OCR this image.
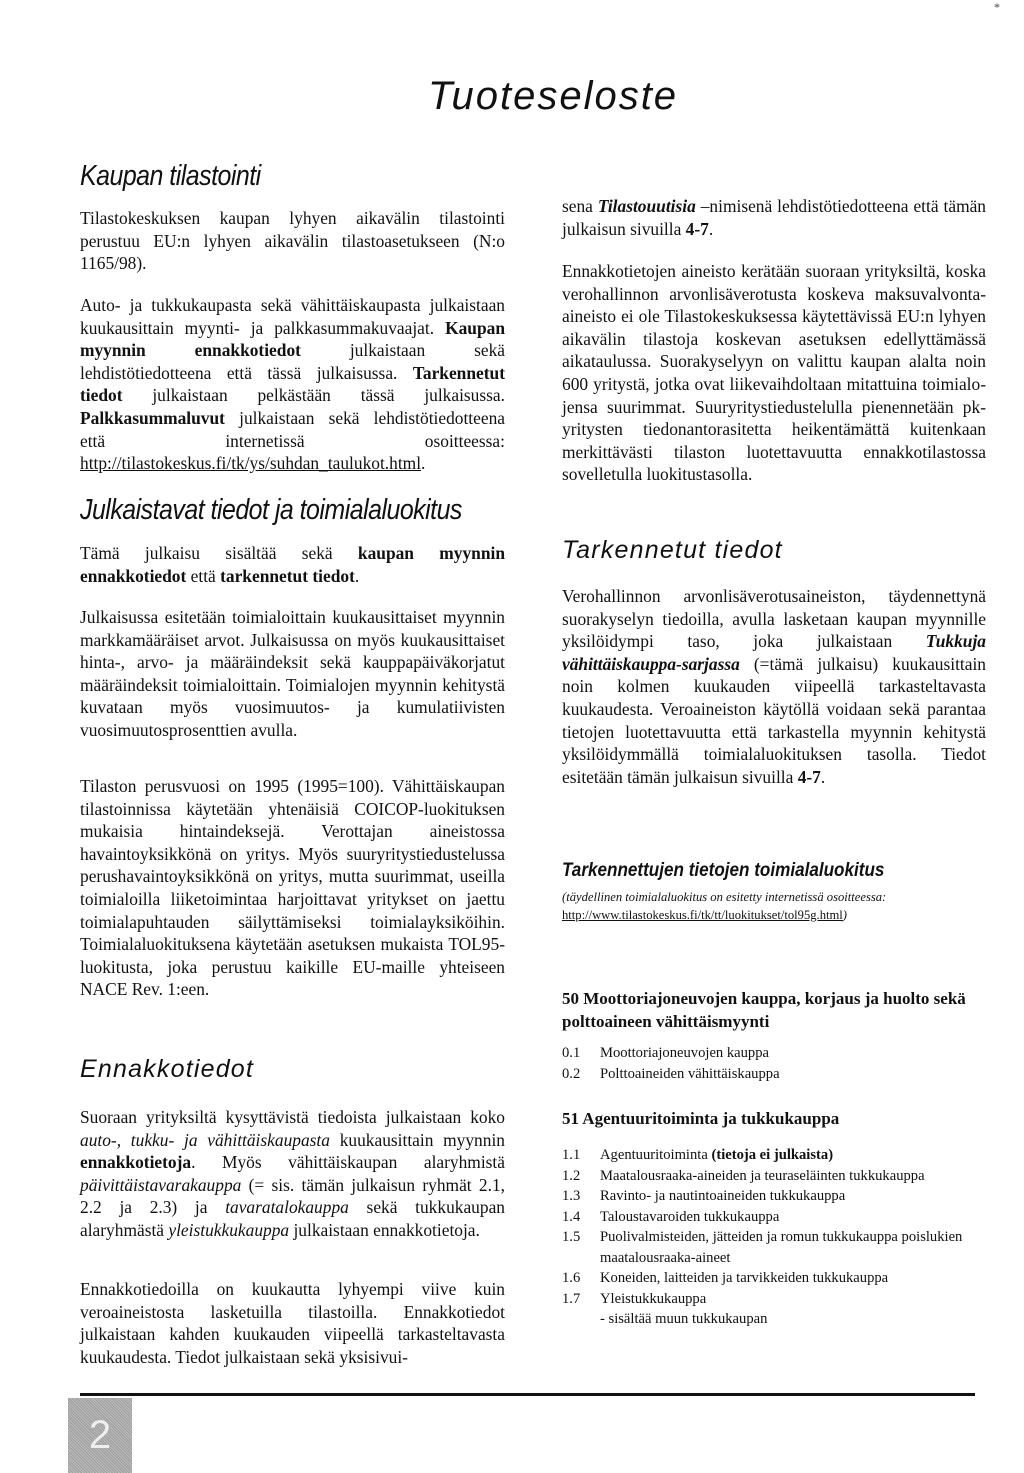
*
Tuoteseloste
Kaupan tilastointi

Tilastokeskuksen kaupan lyhyen aikavälin tilastointi perustuu EU:n lyhyen aikavälin tilastoasetukseen (N:o 1165/98).

Auto- ja tukkukaupasta sekä vähittäiskaupasta julkaistaan kuukausittain myynti- ja palkkasummakuvaajat. Kaupan myynnin ennakkotiedot julkaistaan sekä lehdistötiedotteena että tässä julkaisussa. Tarkennetut tiedot julkaistaan pelkästään tässä julkaisussa. Palkkasummaluvut julkaistaan sekä lehdistötiedotteena että internetissä osoitteessa: http://tilastokeskus.fi/tk/ys/suhdan_taulukot.html.

Julkaistavat tiedot ja toimialaluokitus

Tämä julkaisu sisältää sekä kaupan myynnin ennakkotiedot että tarkennetut tiedot.

Julkaisussa esitetään toimialoittain kuukausittaiset myynnin markkamääräiset arvot. Julkaisussa on myös kuukausittaiset hinta-, arvo- ja määräindeksit sekä kauppapäiväkorjatut määräindeksit toimialoittain. Toimialojen myynnin kehitystä kuvataan myös vuosimuutos- ja kumulatiivisten vuosimuutosprosenttien avulla.

Tilaston perusvuosi on 1995 (1995=100). Vähittäiskaupan tilastoinnissa käytetään yhtenäisiä COICOP-luokituksen mukaisia hintaindeksejä. Verottajan aineistossa havaintoyksikkönä on yritys. Myös suuryritystiedustelussa perushavaintoyksikkönä on yritys, mutta suurimmat, useilla toimialoilla liiketoimintaa harjoittavat yritykset on jaettu toimialapuhtauden säilyttämiseksi toimialayksiköihin. Toimialaluokituksena käytetään asetuksen mukaista TOL95-luokitusta, joka perustuu kaikille EU-maille yhteiseen NACE Rev. 1:een.

Ennakkotiedot

Suoraan yrityksiltä kysyttävistä tiedoista julkaistaan koko auto-, tukku- ja vähittäiskaupasta kuukausittain myynnin ennakkotietoja. Myös vähittäiskaupan alaryhmistä päivittäistavarakauppa (= sis. tämän julkaisun ryhmät 2.1, 2.2 ja 2.3) ja tavaratalokauppa sekä tukkukaupan alaryhmästä yleistukkukauppa julkaistaan ennakkotietoja.

Ennakkotiedoilla on kuukautta lyhyempi viive kuin veroaineistosta lasketuilla tilastoilla. Ennakkotiedot julkaistaan kahden kuukauden viipeellä tarkasteltavasta kuukaudesta. Tiedot julkaistaan sekä yksisivui-

sena Tilastouutisia –nimisenä lehdistötiedotteena että tämän julkaisun sivuilla 4-7.

Ennakkotietojen aineisto kerätään suoraan yrityksiltä, koska verohallinnon arvonlisäverotusta koskeva maksuvalvonta-aineisto ei ole Tilastokeskuksessa käytettävissä EU:n lyhyen aikavälin tilastoja koskevan asetuksen edellyttämässä aikataulussa. Suorakyselyyn on valittu kaupan alalta noin 600 yritystä, jotka ovat liikevaihdoltaan mitattuina toimialojensa suurimmat. Suuryritystiedustelulla pienennetään pk-yritysten tiedonantorasitetta heikentämättä kuitenkaan merkittävästi tilaston luotettavuutta ennakkotilastossa sovelletulla luokitustasolla.

Tarkennetut tiedot

Verohallinnon arvonlisäverotusaineiston, täydennettynä suorakyselyn tiedoilla, avulla lasketaan kaupan myynnille yksilöidympi taso, joka julkaistaan Tukkuja vähittäiskauppa-sarjassa (=tämä julkaisu) kuukausittain noin kolmen kuukauden viipeellä tarkasteltavasta kuukaudesta. Veroaineiston käytöllä voidaan sekä parantaa tietojen luotettavuutta että tarkastella myynnin kehitystä yksilöidymmällä toimialaluokituksen tasolla. Tiedot esitetään tämän julkaisun sivuilla 4-7.

Tarkennettujen tietojen toimialaluokitus
(täydellinen toimialaluokitus on esitetty internetissä osoitteessa:
http://www.tilastokeskus.fi/tk/tt/luokitukset/tol95g.html)
50 Moottoriajoneuvojen kauppa, korjaus ja huolto sekä polttoaineen vähittäismyynti
0.1 Moottoriajoneuvojen kauppa
0.2 Polttoaineiden vähittäiskauppa
51 Agentuuritoiminta ja tukkukauppa
1.1 Agentuuritoiminta (tietoja ei julkaista)
1.2 Maatalousraaka-aineiden ja teuraseläinten tukkukauppa
1.3 Ravinto- ja nautintoaineiden tukkukauppa
1.4 Taloustavaroiden tukkukauppa
1.5 Puolivalmisteiden, jätteiden ja romun tukkukauppa poislukien maatalousraaka-aineet
1.6 Koneiden, laitteiden ja tarvikkeiden tukkukauppa
1.7 Yleistukkukauppa
- sisältää muun tukkukaupan
2
